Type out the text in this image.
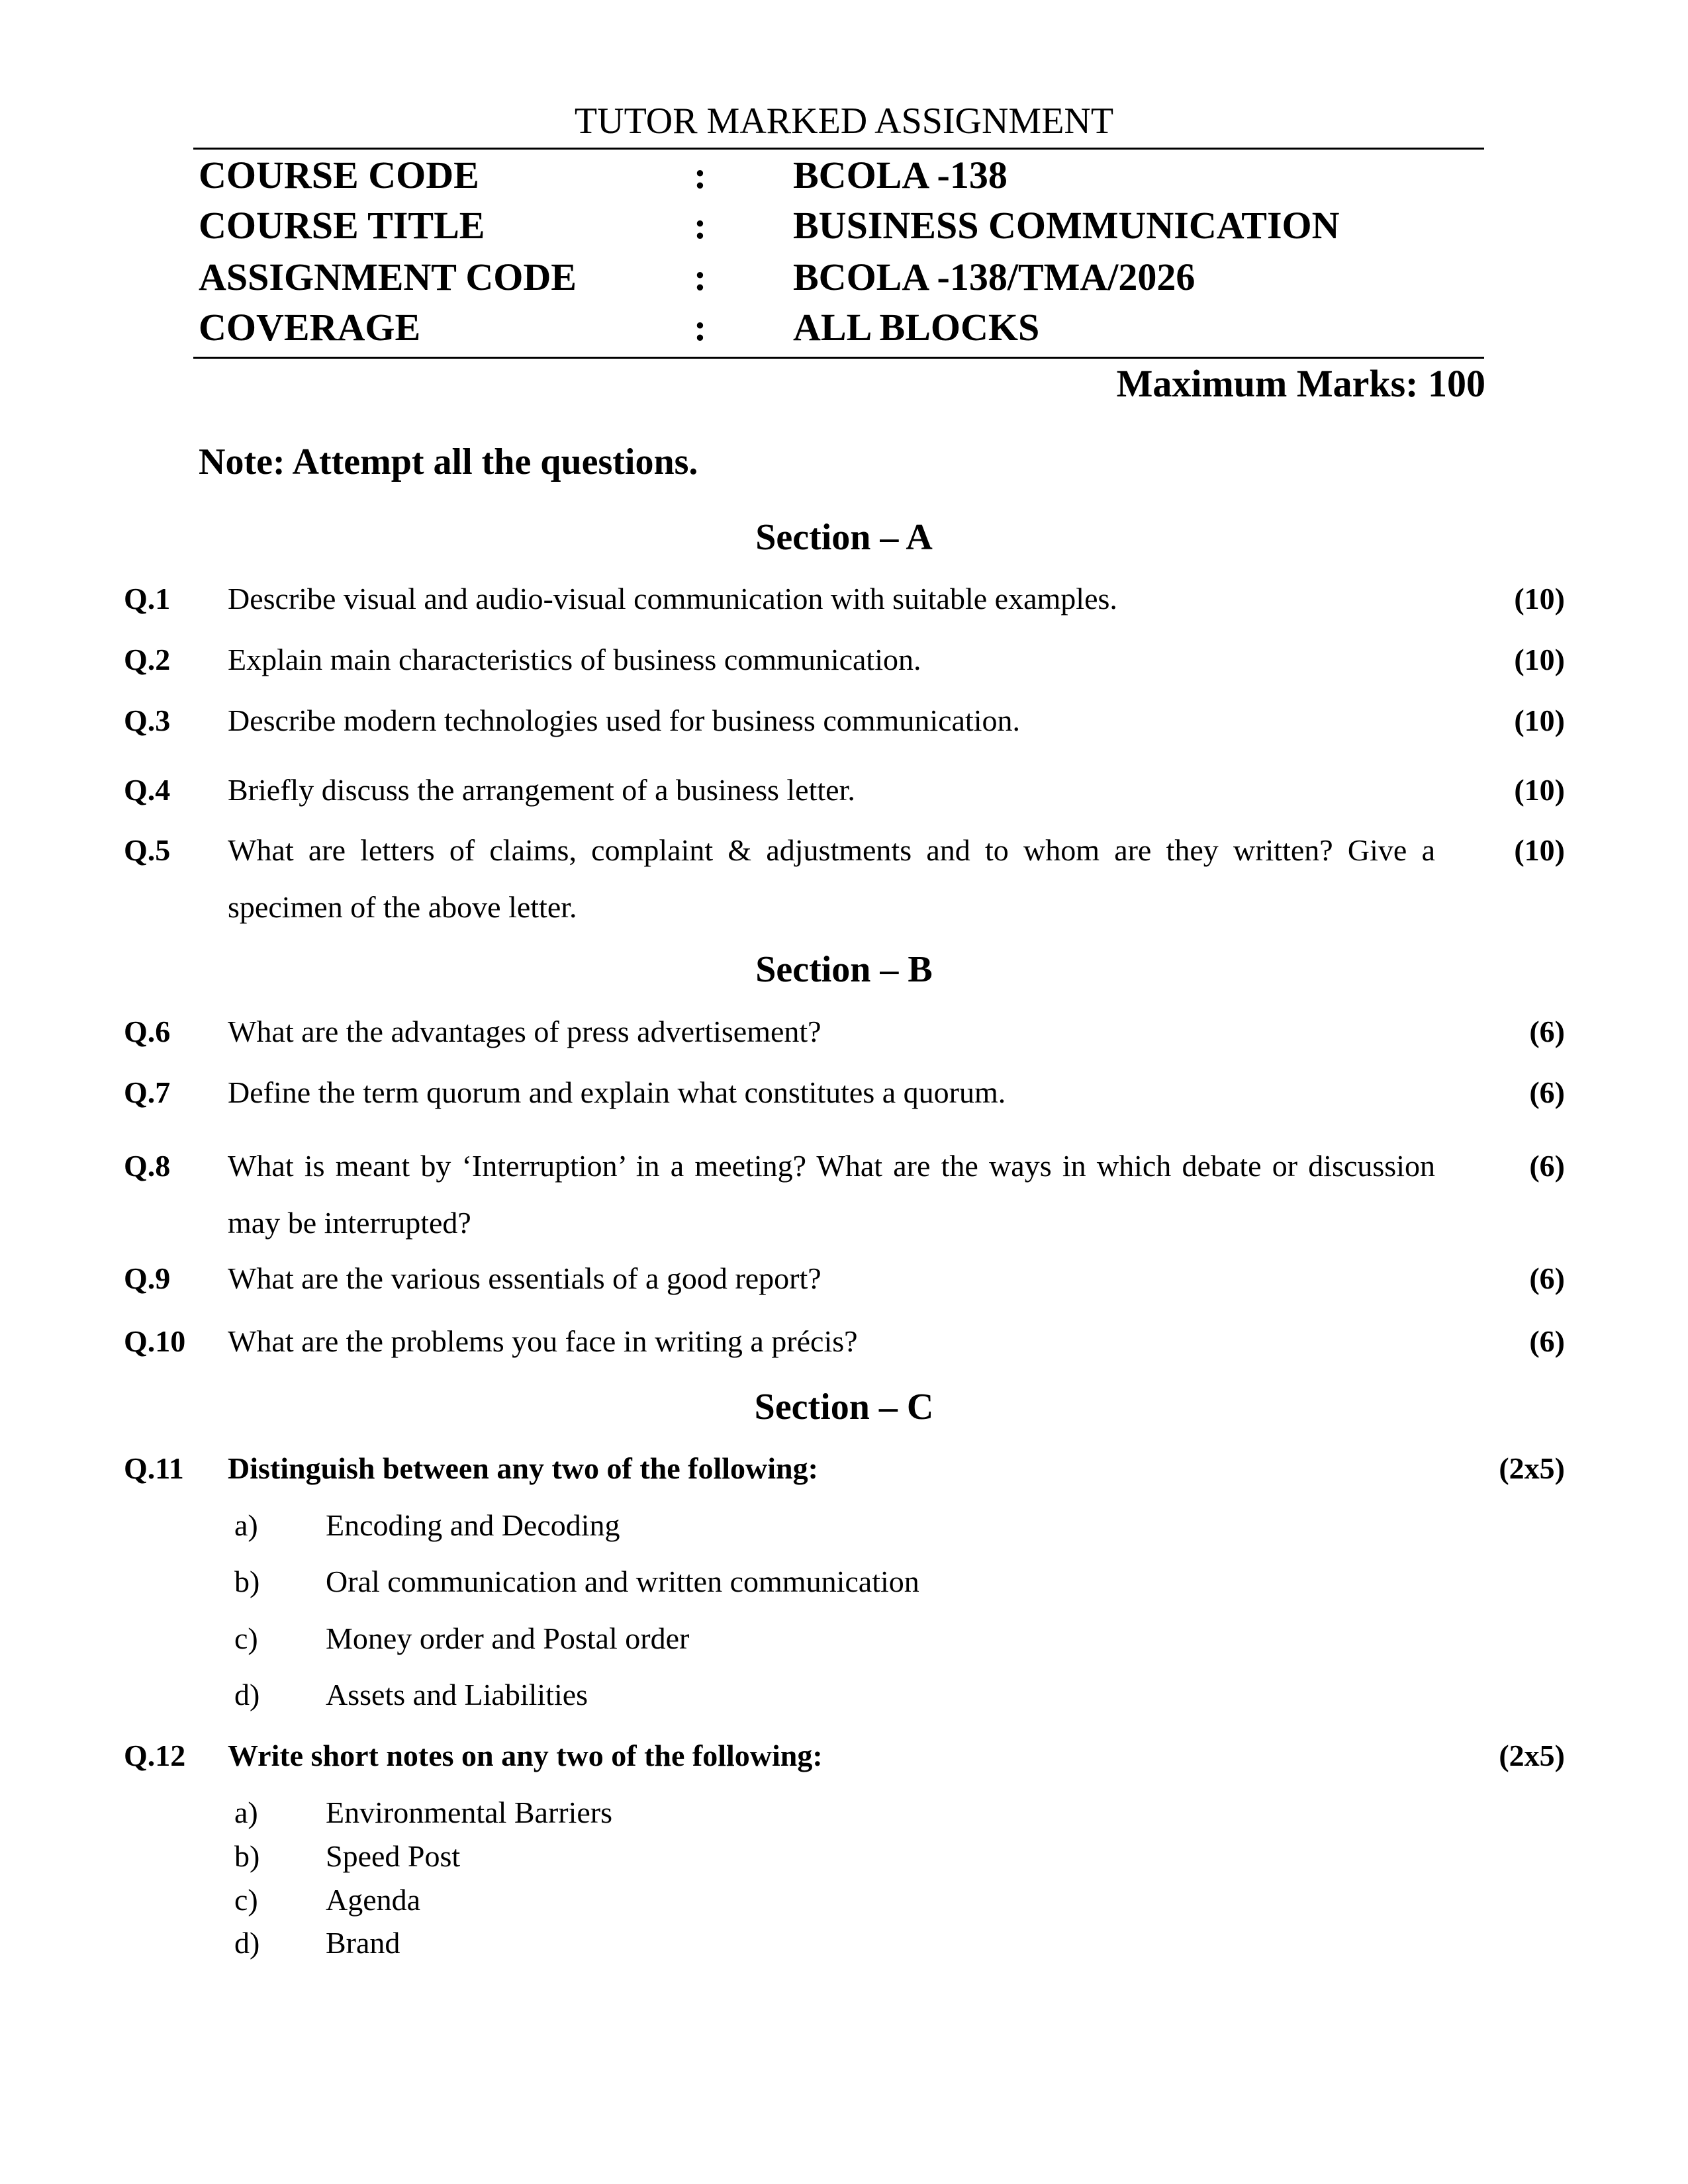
TUTOR MARKED ASSIGNMENT
COURSE CODE	: BCOLA -138
COURSE TITLE	: BUSINESS COMMUNICATION
ASSIGNMENT CODE	: BCOLA -138/TMA/2026
COVERAGE	: ALL BLOCKS
Maximum Marks: 100
Note: Attempt all the questions.
Section – A
Q.1 Describe visual and audio-visual communication with suitable examples.	(10)
Q.2 Explain main characteristics of business communication.	(10)
Q.3 Describe modern technologies used for business communication.	(10)
Q.4 Briefly discuss the arrangement of a business letter.	(10)
Q.5 What are letters of claims, complaint & adjustments and to whom are they written? Give a specimen of the above letter.
(10)
Section – B
Q.6 What are the advantages of press advertisement?	(6)
Q.7 Define the term quorum and explain what constitutes a quorum.	(6)
Q.8 What is meant by ‘Interruption’ in a meeting? What are the ways in which debate or discussion may be interrupted?
(6)
Q.9 What are the various essentials of a good report?	(6)
Q.10 What are the problems you face in writing a précis?	(6)
Section – C
Q.11 Distinguish between any two of the following:	(2x5)
a) Encoding and Decoding
b) Oral communication and written communication
c) Money order and Postal order
d) Assets and Liabilities
Q.12 Write short notes on any two of the following:	(2x5)
a) Environmental Barriers
b) Speed Post
c) Agenda
d) Brand
